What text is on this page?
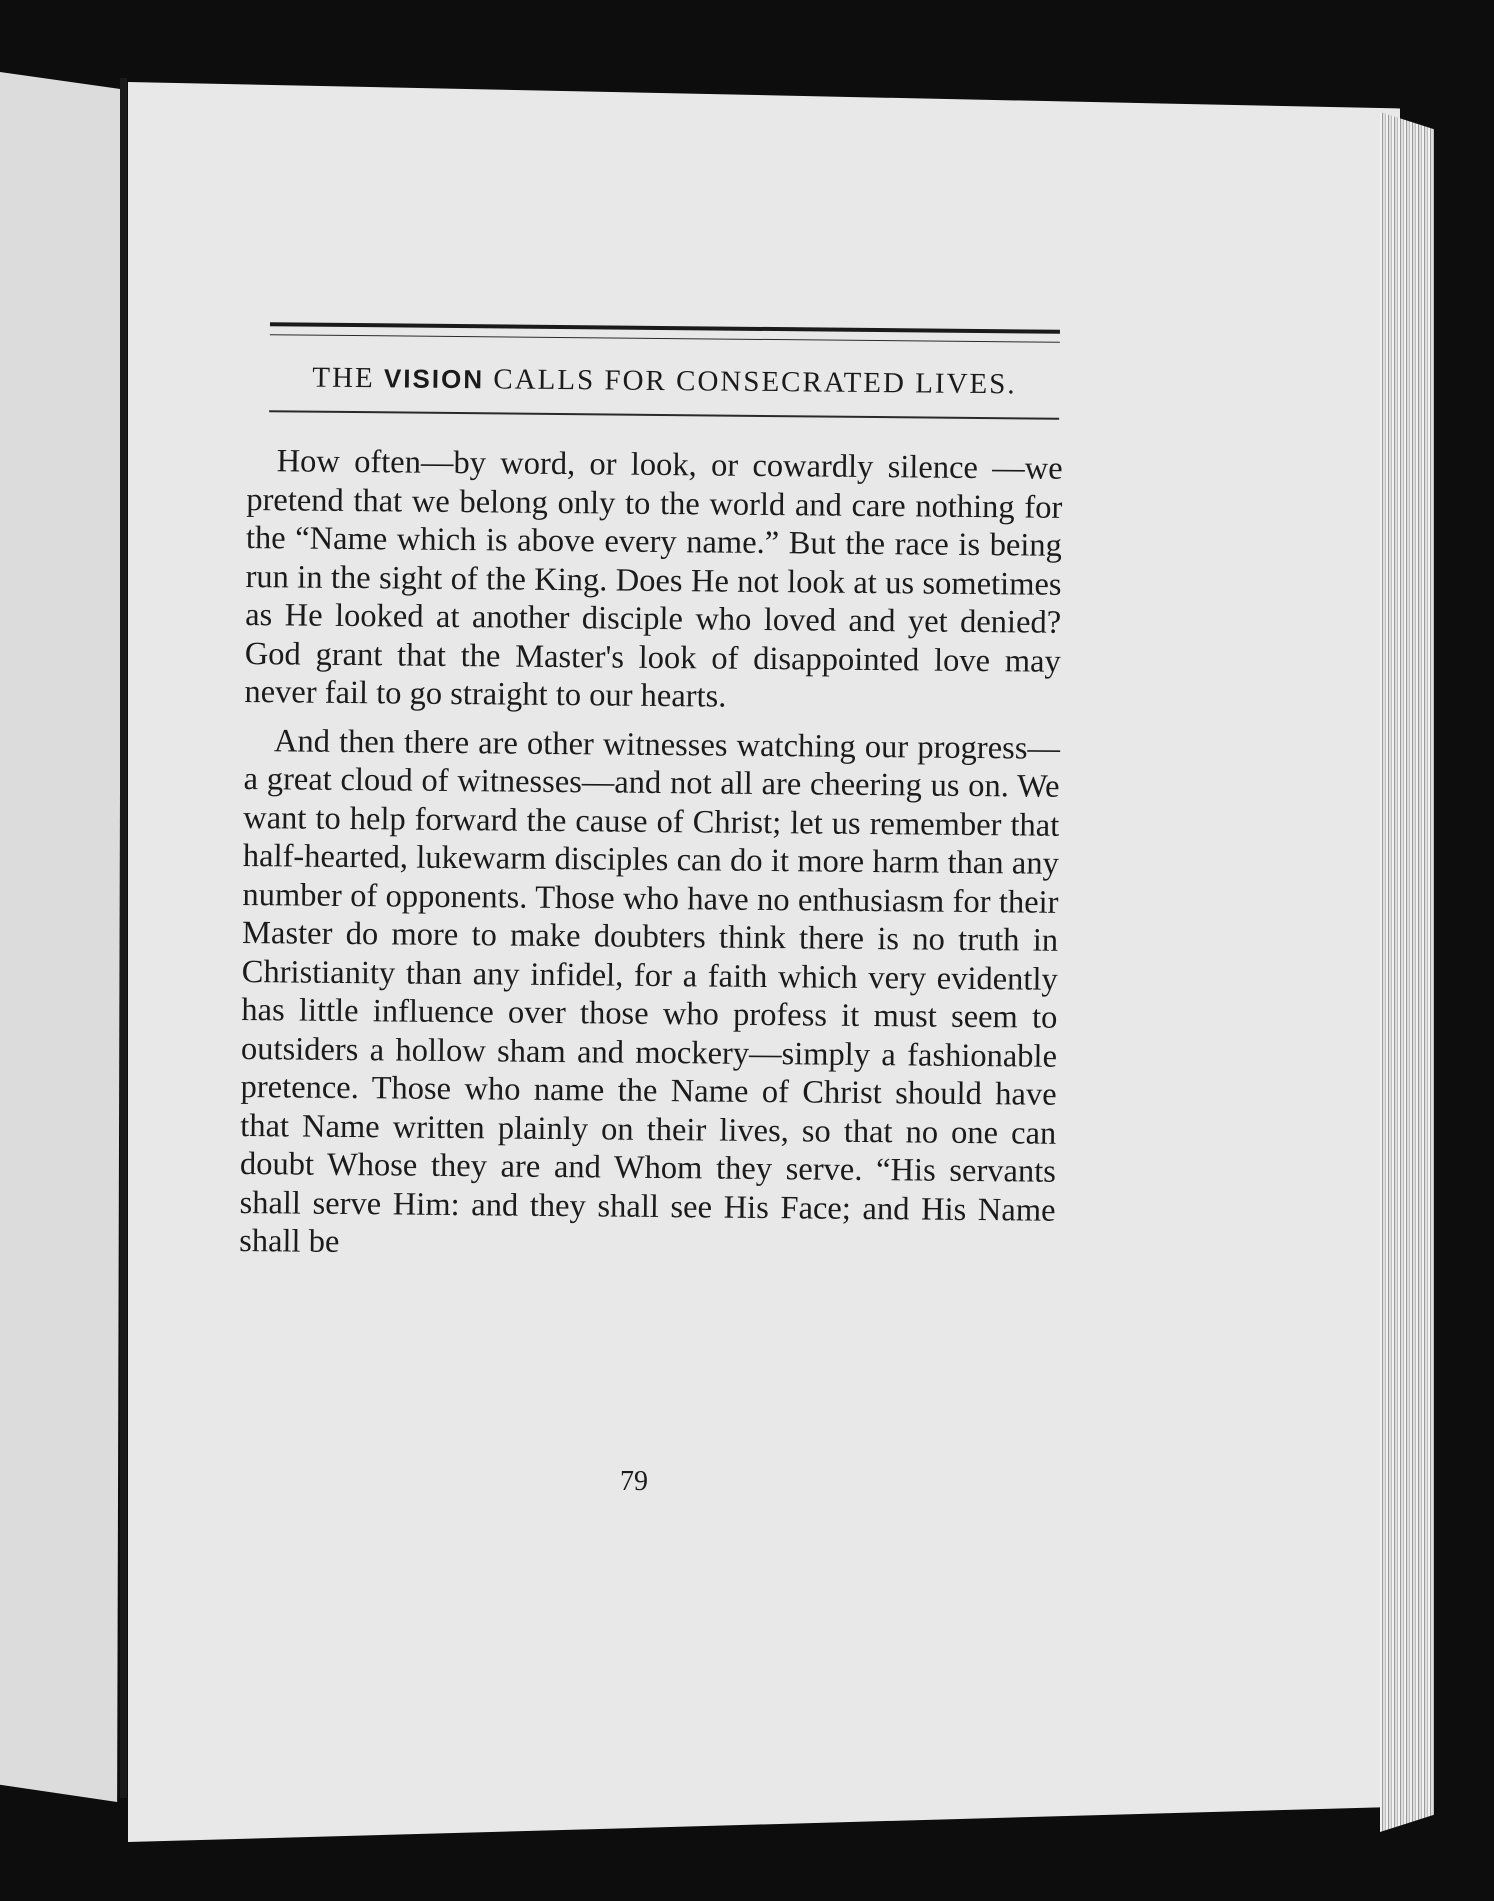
THE VISION CALLS FOR CONSECRATED LIVES.

How often—by word, or look, or cowardly silence —we pretend that we belong only to the world and care nothing for the “Name which is above every name.” But the race is being run in the sight of the King. Does He not look at us sometimes as He looked at another disciple who loved and yet denied? God grant that the Master's look of disappointed love may never fail to go straight to our hearts.

And then there are other witnesses watching our progress—a great cloud of witnesses—and not all are cheering us on. We want to help forward the cause of Christ; let us remember that half-hearted, lukewarm disciples can do it more harm than any number of opponents. Those who have no enthusiasm for their Master do more to make doubters think there is no truth in Christianity than any infidel, for a faith which very evidently has little influence over those who profess it must seem to outsiders a hollow sham and mockery—simply a fashionable pretence. Those who name the Name of Christ should have that Name written plainly on their lives, so that no one can doubt Whose they are and Whom they serve. “His servants shall serve Him: and they shall see His Face; and His Name shall be

79
